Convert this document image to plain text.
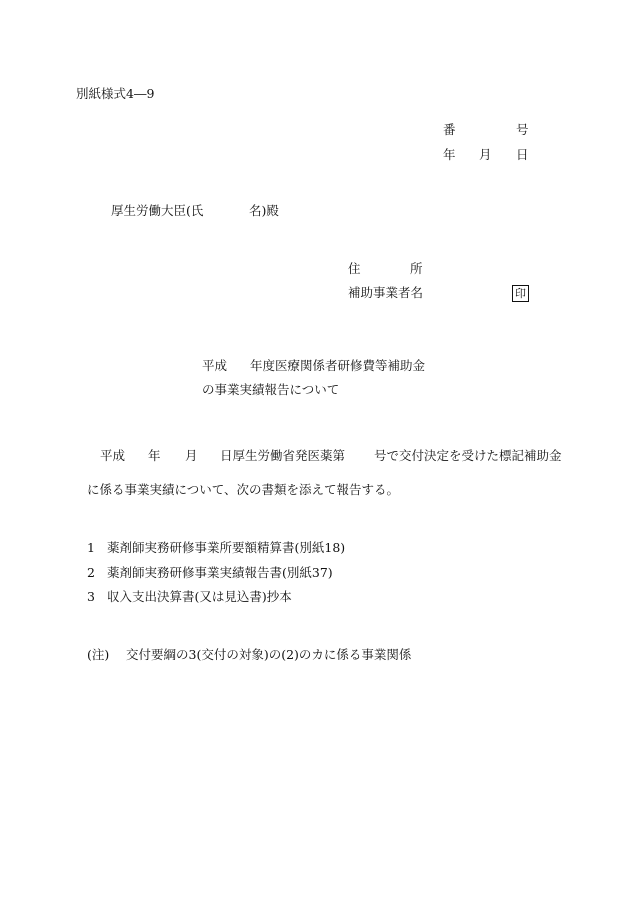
別紙様式4―9
番	号
年 月 日
厚生労働大臣(氏	名)殿
住	所
補助事業者名	印
平成 年度医療関係者研修費等補助金
の事業実績報告について
平成 年 月 日厚生労働省発医薬第 号で交付決定を受けた標記補助金
に係る事業実績について、次の書類を添えて報告する。
1 薬剤師実務研修事業所要額精算書(別紙18)
2 薬剤師実務研修事業実績報告書(別紙37)
3 収入支出決算書(又は見込書)抄本
(注) 交付要綱の3(交付の対象)の(2)のカに係る事業関係
